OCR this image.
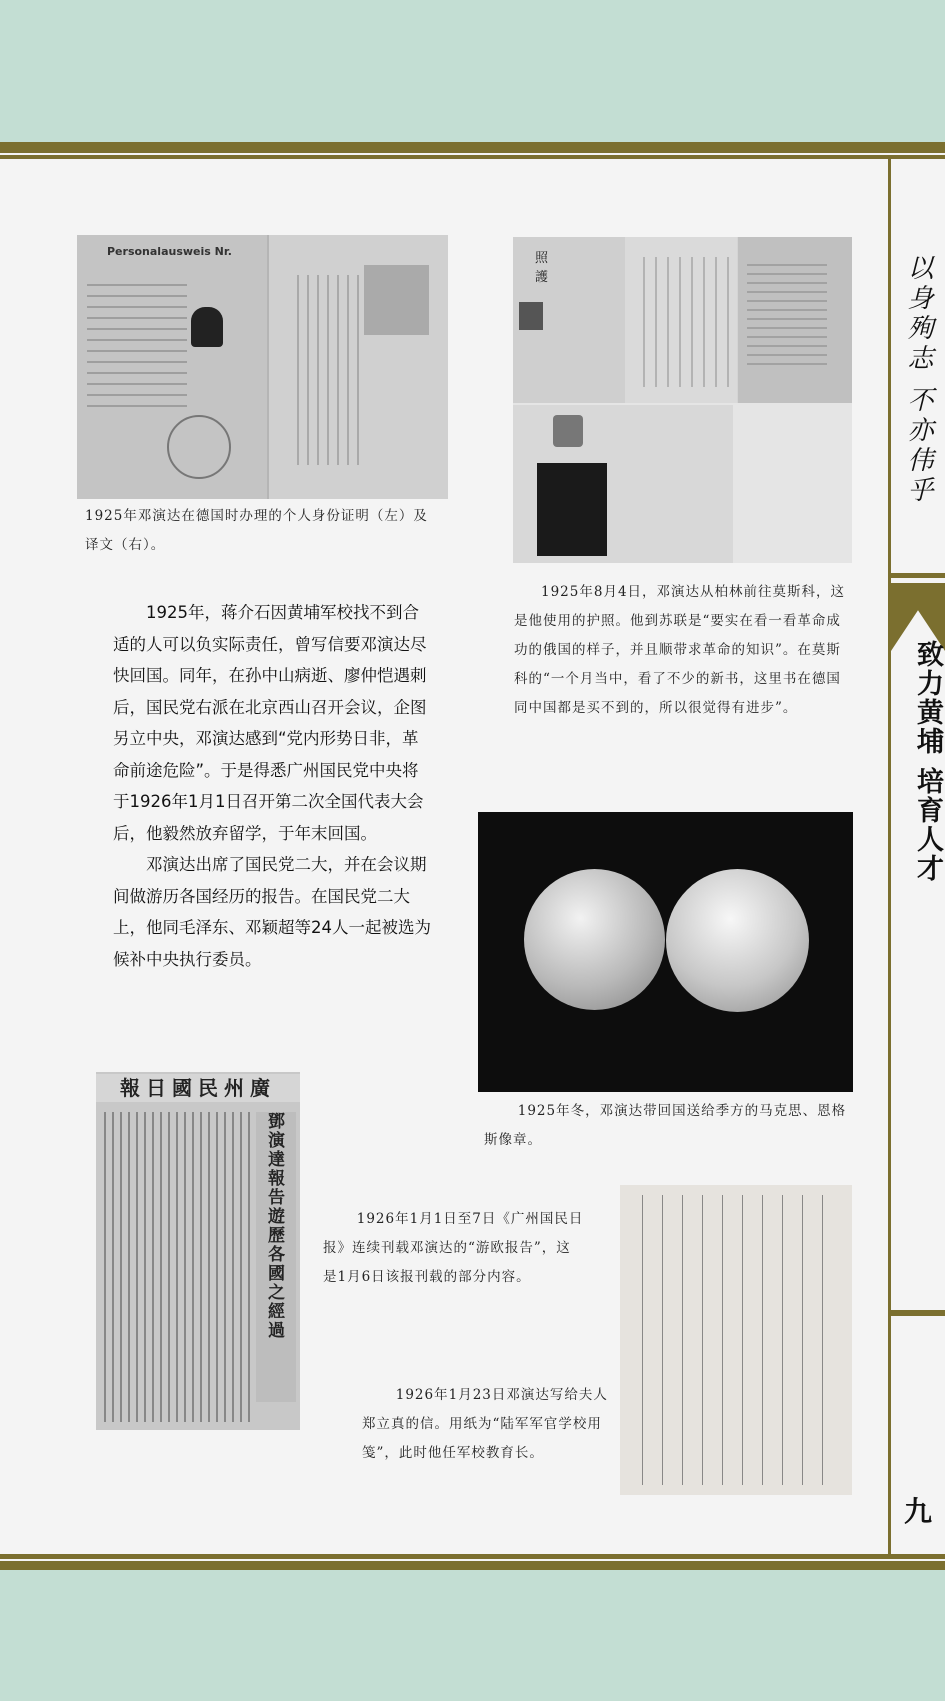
Personalausweis Nr.
1925年邓演达在德国时办理的个人身份证明（左）及译文（右）。
照 護
1925年8月4日，邓演达从柏林前往莫斯科，这是他使用的护照。他到苏联是“要实在看一看革命成功的俄国的样子，并且顺带求革命的知识”。在莫斯科的“一个月当中，看了不少的新书，这里书在德国同中国都是买不到的，所以很觉得有进步”。

1925年，蒋介石因黄埔军校找不到合适的人可以负实际责任，曾写信要邓演达尽快回国。同年，在孙中山病逝、廖仲恺遇刺后，国民党右派在北京西山召开会议，企图另立中央，邓演达感到“党内形势日非，革命前途危险”。于是得悉广州国民党中央将于1926年1月1日召开第二次全国代表大会后，他毅然放弃留学，于年末回国。

邓演达出席了国民党二大，并在会议期间做游历各国经历的报告。在国民党二大上，他同毛泽东、邓颖超等24人一起被选为候补中央执行委员。

1925年冬，邓演达带回国送给季方的马克思、恩格斯像章。
報日國民州廣
鄧演達報告遊歷各國之經過	1926年1月1日至7日《广州国民日报》连续刊载邓演达的“游欧报告”，这是1月6日该报刊载的部分内容。
1926年1月23日邓演达写给夫人郑立真的信。用纸为“陆军军官学校用笺”，此时他任军校教育长。
以身殉志 不亦伟乎
致力黄埔 培育人才
九
